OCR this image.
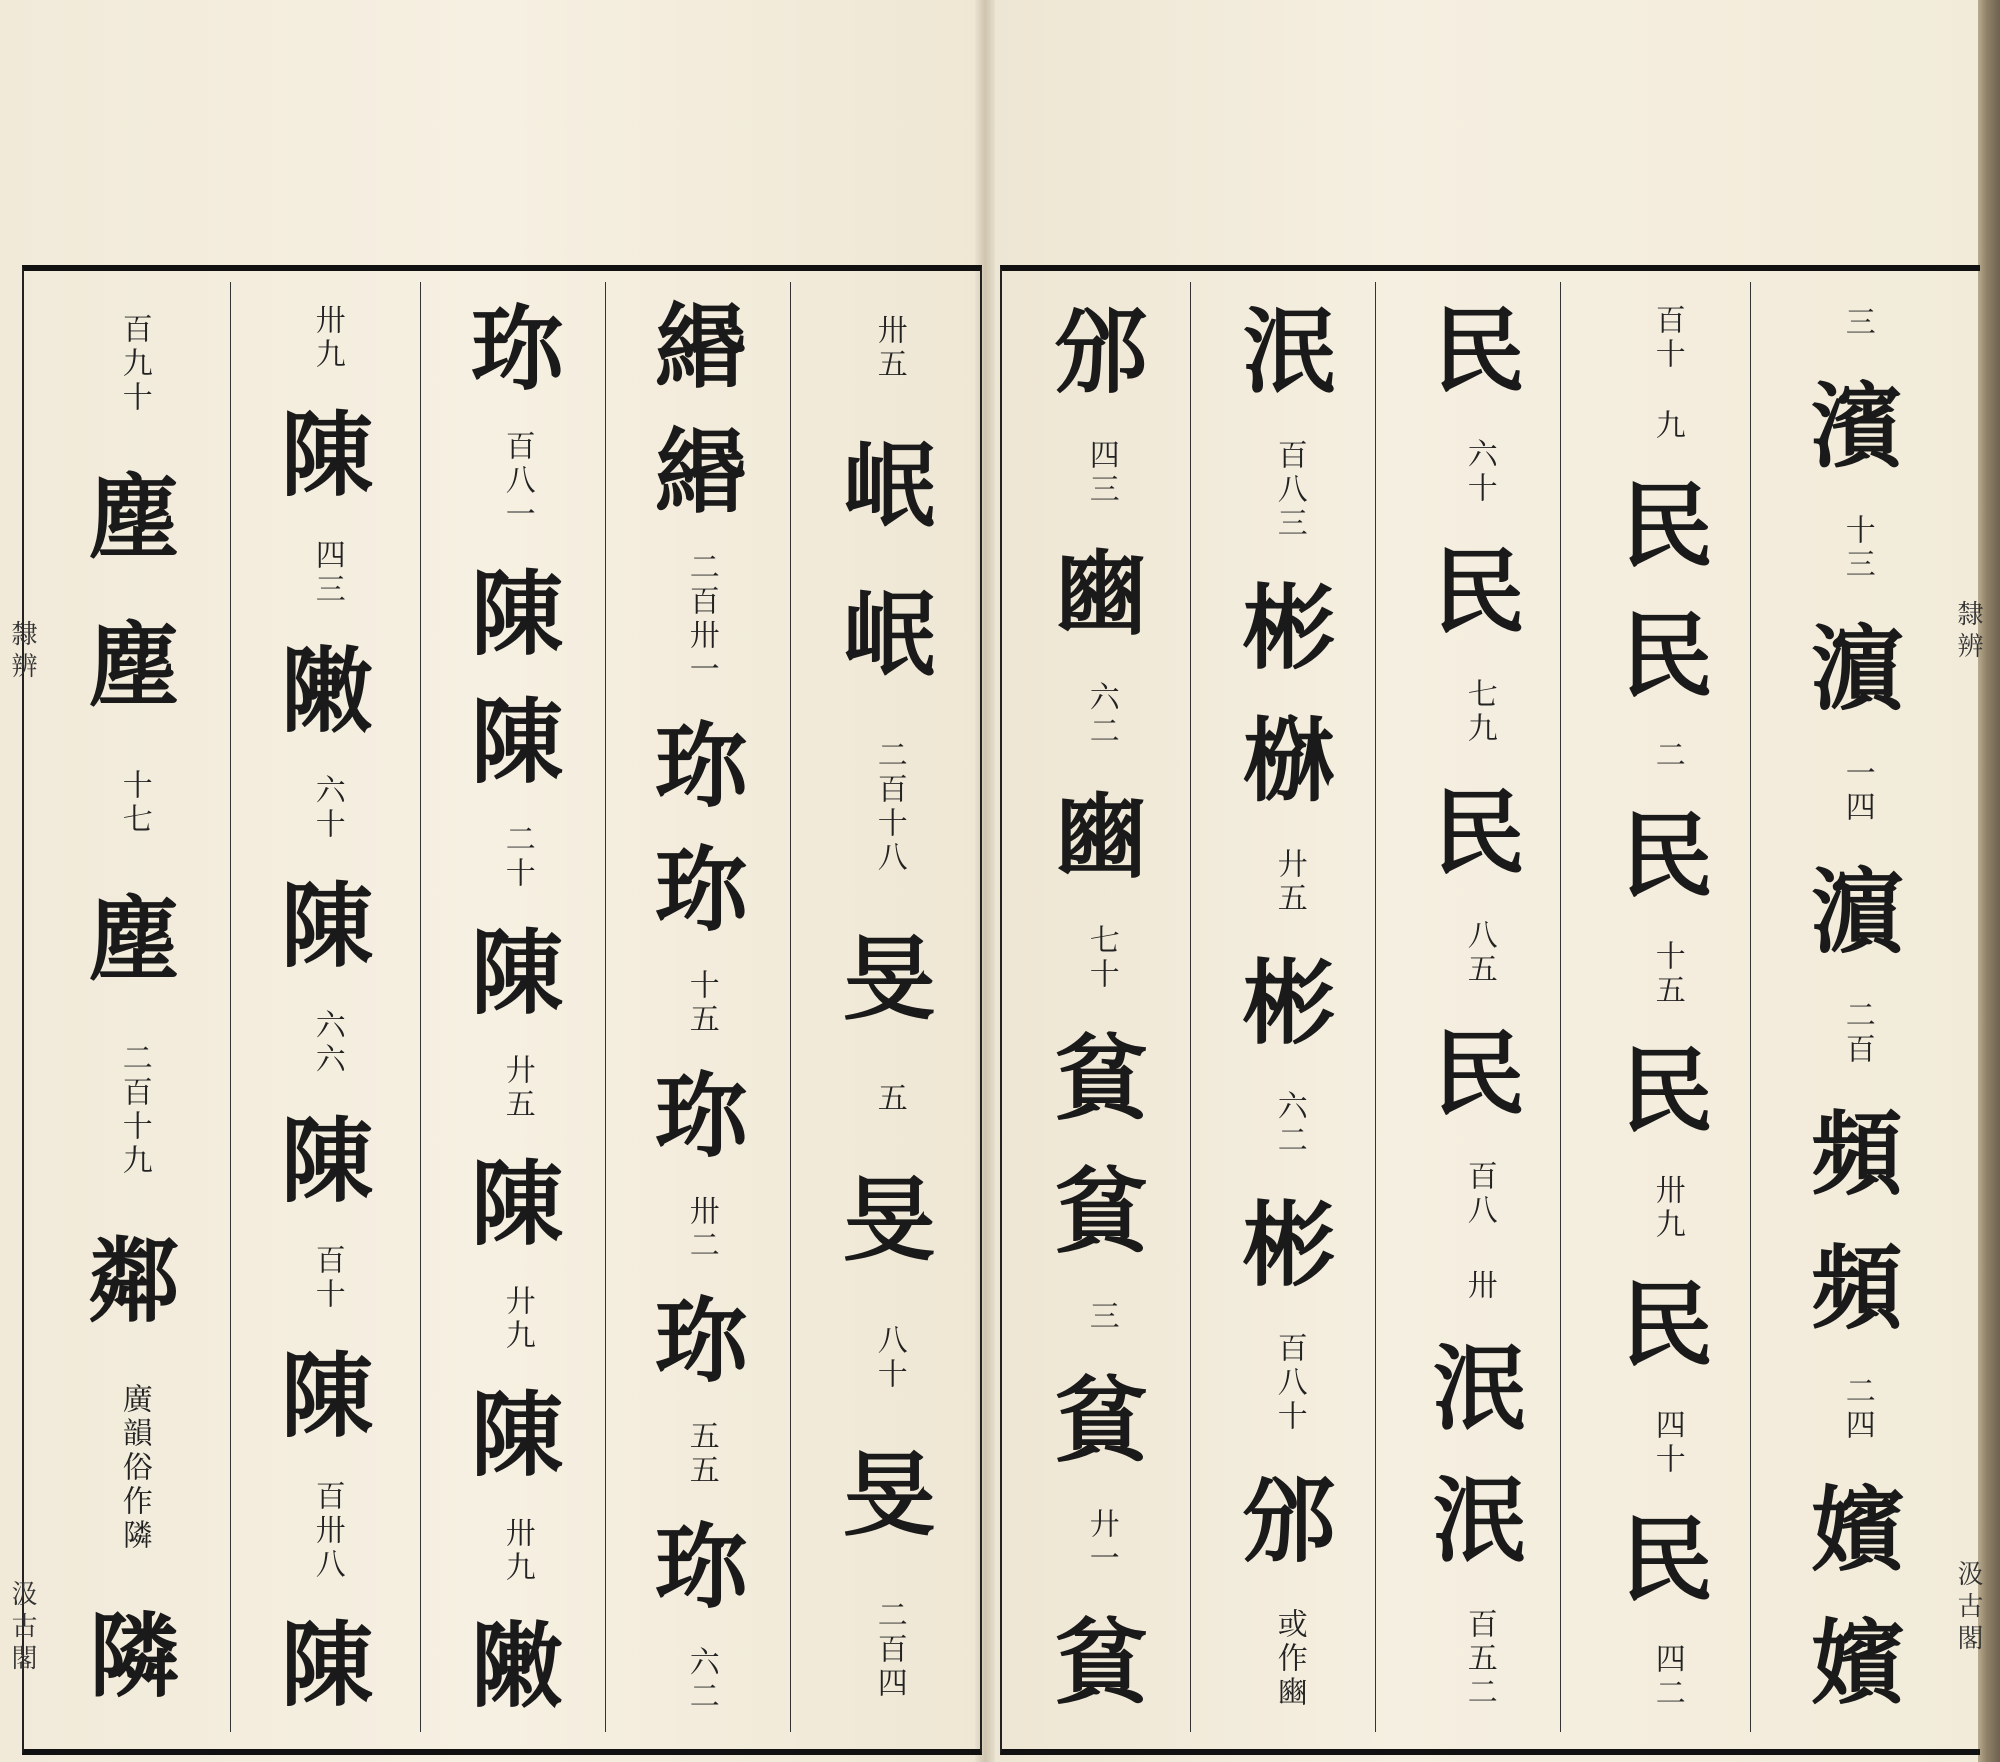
三
濱
十三
濵
一四
濵
二百
頻
頻
二四
嬪
嬪
百十
九
民
民
二
民
十五
民
卅九
民
四十
民
四二
民
六十
民
七九
民
八五
民
百八
卅
泯
泯
百五二
泯
百八三
彬
椕
廾五
彬
六二
彬
百八十
邠
或作豳
邠
四三
豳
六二
豳
七十
貧
貧
三
貧
廾一
貧
卅五
岷
岷
二百十八
旻
五
旻
八十
旻
二百四
緡
緡
二百卅一
珎
珎
十五
珎
卅二
珎
五五
珎
六二
珎
百八一
陳
陳
二十
陳
廾五
陳
廾九
陳
卅九
敶
卅九
陳
四三
敶
六十
陳
六六
陳
百十
陳
百卅八
陳
百九十
塵
塵
十七
塵
二百十九
鄰
廣韻俗作隣
隣
隸辨
汲古閣
隸辨
汲古閣
